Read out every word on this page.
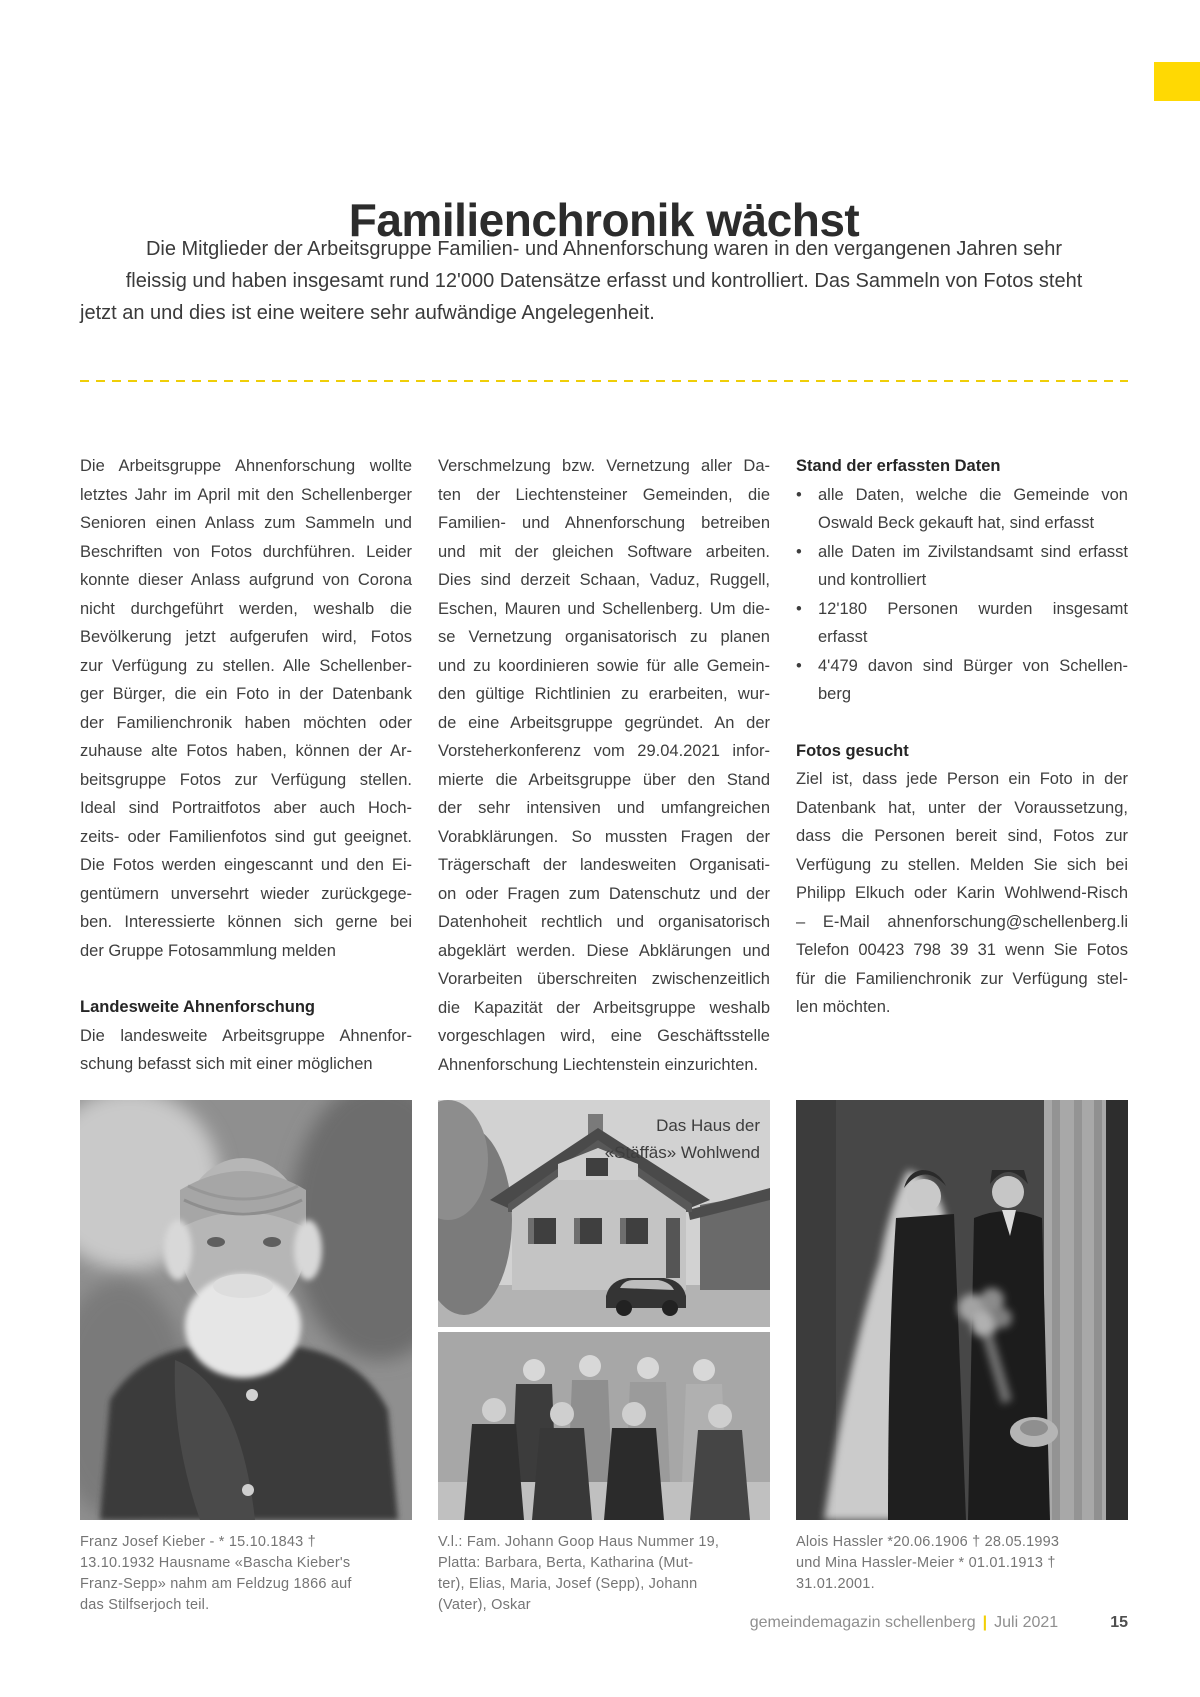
Familienchronik wächst
Die Mitglieder der Arbeitsgruppe Familien- und Ahnenforschung waren in den vergangenen Jahren sehr
fleissig und haben insgesamt rund 12'000 Datensätze erfasst und kontrolliert. Das Sammeln von Fotos steht
jetzt an und dies ist eine weitere sehr aufwändige Angelegenheit.
Die Arbeitsgruppe Ahnenforschung wollte
letztes Jahr im April mit den Schellenberger
Senioren einen Anlass zum Sammeln und
Beschriften von Fotos durchführen. Leider
konnte dieser Anlass aufgrund von Corona
nicht durchgeführt werden, weshalb die
Bevölkerung jetzt aufgerufen wird, Fotos
zur Verfügung zu stellen. Alle Schellenber-
ger Bürger, die ein Foto in der Datenbank
der Familienchronik haben möchten oder
zuhause alte Fotos haben, können der Ar-
beitsgruppe Fotos zur Verfügung stellen.
Ideal sind Portraitfotos aber auch Hoch-
zeits- oder Familienfotos sind gut geeignet.
Die Fotos werden eingescannt und den Ei-
gentümern unversehrt wieder zurückgege-
ben. Interessierte können sich gerne bei
der Gruppe Fotosammlung melden
Landesweite Ahnenforschung
Die landesweite Arbeitsgruppe Ahnenfor-
schung befasst sich mit einer möglichen
Verschmelzung bzw. Vernetzung aller Da-
ten der Liechtensteiner Gemeinden, die
Familien- und Ahnenforschung betreiben
und mit der gleichen Software arbeiten.
Dies sind derzeit Schaan, Vaduz, Ruggell,
Eschen, Mauren und Schellenberg. Um die-
se Vernetzung organisatorisch zu planen
und zu koordinieren sowie für alle Gemein-
den gültige Richtlinien zu erarbeiten, wur-
de eine Arbeitsgruppe gegründet. An der
Vorsteherkonferenz vom 29.04.2021 infor-
mierte die Arbeitsgruppe über den Stand
der sehr intensiven und umfangreichen
Vorabklärungen. So mussten Fragen der
Trägerschaft der landesweiten Organisati-
on oder Fragen zum Datenschutz und der
Datenhoheit rechtlich und organisatorisch
abgeklärt werden. Diese Abklärungen und
Vorarbeiten überschreiten zwischenzeitlich
die Kapazität der Arbeitsgruppe weshalb
vorgeschlagen wird, eine Geschäftsstelle
Ahnenforschung Liechtenstein einzurichten.
Stand der erfassten Daten
• alle Daten, welche die Gemeinde von
Oswald Beck gekauft hat, sind erfasst
• alle Daten im Zivilstandsamt sind erfasst
und kontrolliert
• 12'180 Personen wurden insgesamt
erfasst
• 4'479 davon sind Bürger von Schellen-
berg
Fotos gesucht
Ziel ist, dass jede Person ein Foto in der
Datenbank hat, unter der Voraussetzung,
dass die Personen bereit sind, Fotos zur
Verfügung zu stellen. Melden Sie sich bei
Philipp Elkuch oder Karin Wohlwend-Risch
– E-Mail ahnenforschung@schellenberg.li
Telefon 00423 798 39 31 wenn Sie Fotos
für die Familienchronik zur Verfügung stel-
len möchten.
Das Haus der
«Stäffäs» Wohlwend
Franz Josef Kieber - * 15.10.1843 †
13.10.1932 Hausname «Bascha Kieber's
Franz-Sepp» nahm am Feldzug 1866 auf
das Stilfserjoch teil.
V.l.: Fam. Johann Goop Haus Nummer 19,
Platta: Barbara, Berta, Katharina (Mut-
ter), Elias, Maria, Josef (Sepp), Johann
(Vater), Oskar
Alois Hassler *20.06.1906 † 28.05.1993
und Mina Hassler-Meier * 01.01.1913 †
31.01.2001.
gemeindemagazin schellenberg | Juli 2021	15
